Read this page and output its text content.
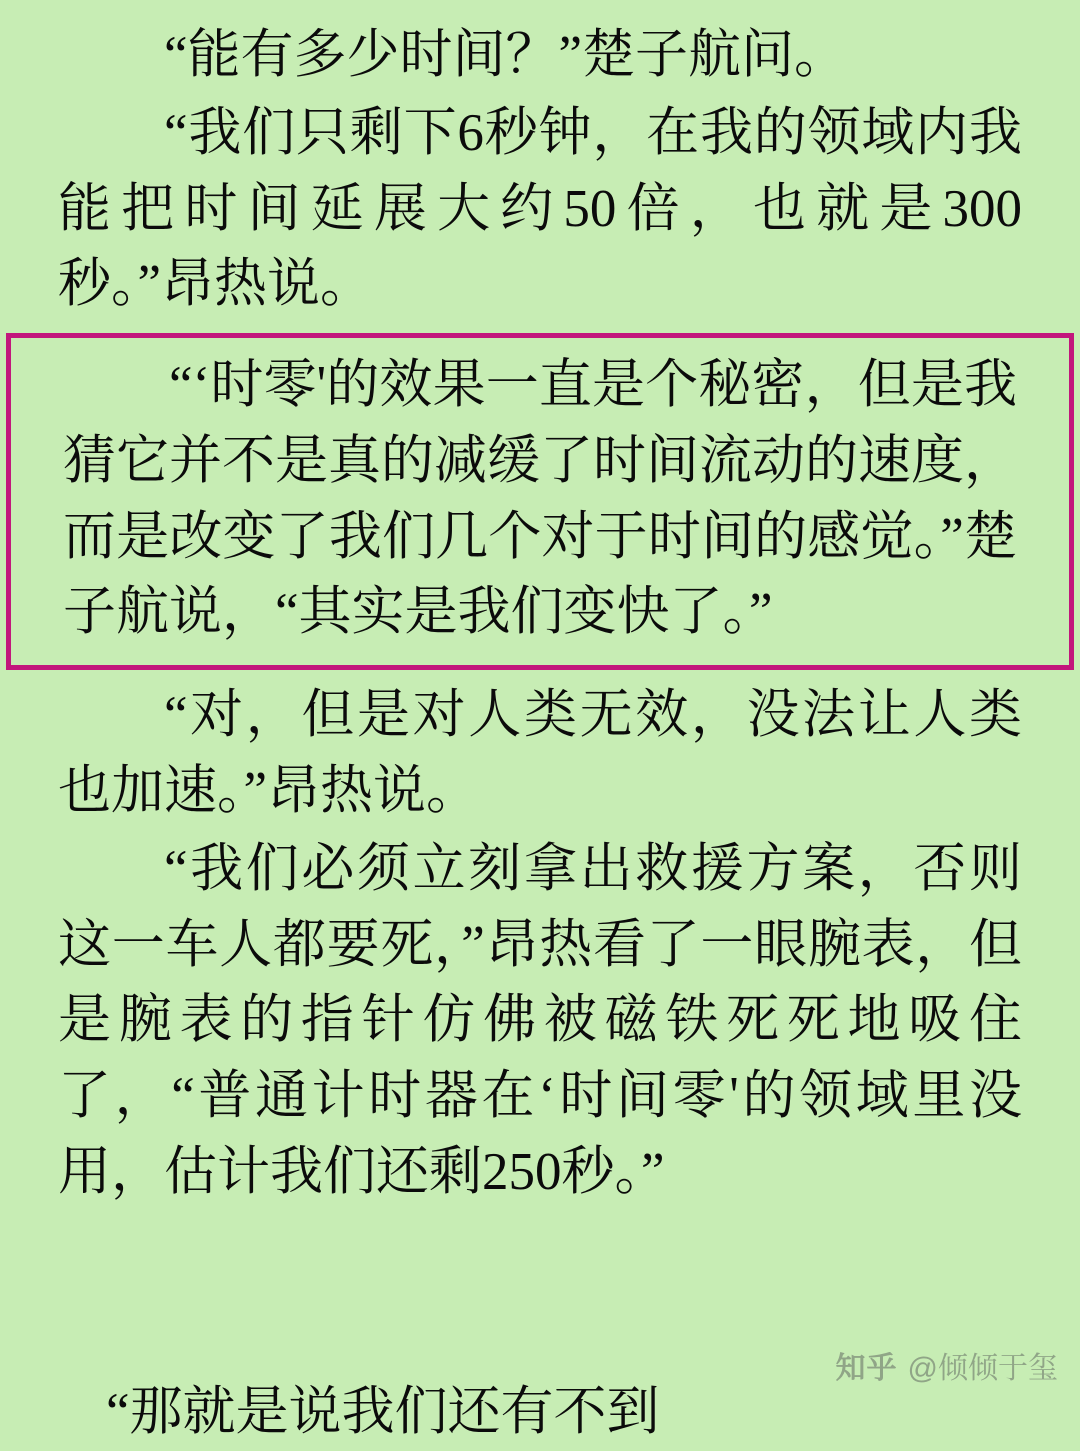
“能有多少时间？”楚子航问。

“我们只剩下6秒钟，在我的领域内我能把时间延展大约50倍，也就是300秒。”昂热说。

“‘时零'的效果一直是个秘密，但是我猜它并不是真的减缓了时间流动的速度，而是改变了我们几个对于时间的感觉。”楚子航说，“其实是我们变快了。”

“对，但是对人类无效，没法让人类也加速。”昂热说。

“我们必须立刻拿出救援方案，否则这一车人都要死，”昂热看了一眼腕表，但是腕表的指针仿佛被磁铁死死地吸住了，“普通计时器在‘时间零'的领域里没用，估计我们还剩250秒。”

“那就是说我们还有不到

知乎 @倾倾于玺
